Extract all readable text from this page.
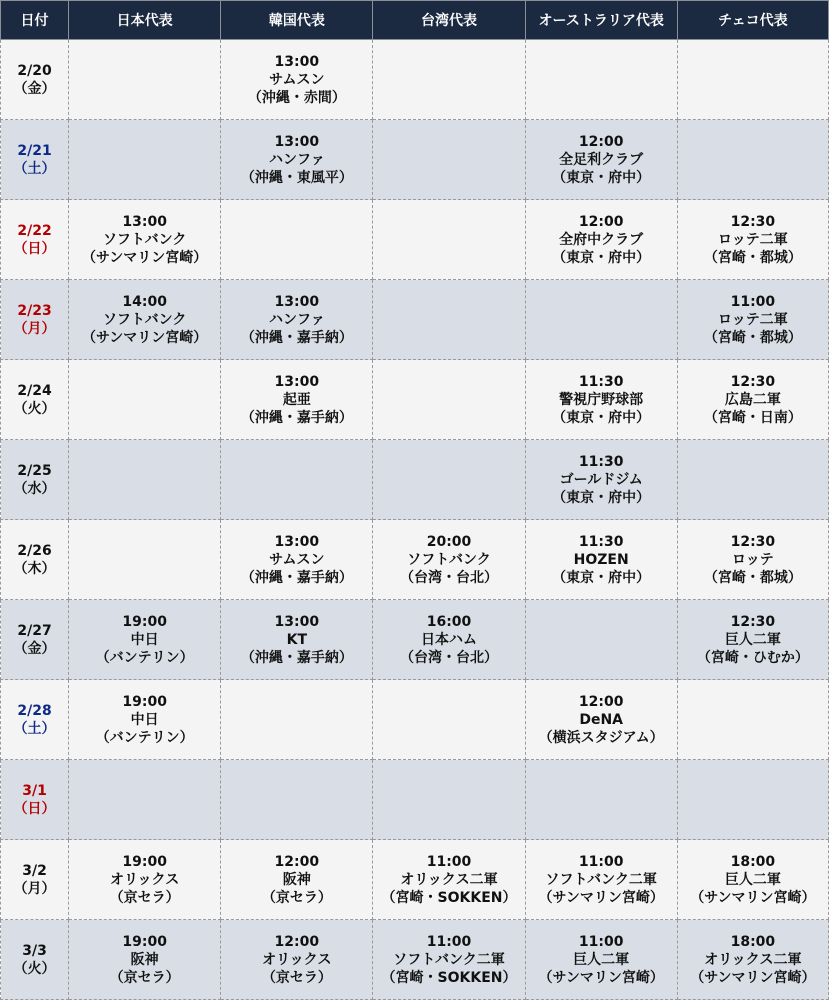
日付	日本代表	韓国代表	台湾代表	オーストラリア代表	チェコ代表

2/20
（金）		13:00
サムスン
（沖縄・赤間）			

2/21
（土）		13:00
ハンファ
（沖縄・東風平）		12:00
全足利クラブ
（東京・府中）	

2/22
（日）	13:00
ソフトバンク
（サンマリン宮崎）			12:00
全府中クラブ
（東京・府中）	12:30
ロッテ二軍
（宮崎・都城）

2/23
（月）	14:00
ソフトバンク
（サンマリン宮崎）	13:00
ハンファ
（沖縄・嘉手納）			11:00
ロッテ二軍
（宮崎・都城）

2/24
（火）		13:00
起亜
（沖縄・嘉手納）		11:30
警視庁野球部
（東京・府中）	12:30
広島二軍
（宮崎・日南）

2/25
（水）				11:30
ゴールドジム
（東京・府中）	

2/26
（木）		13:00
サムスン
（沖縄・嘉手納）	20:00
ソフトバンク
（台湾・台北）	11:30
HOZEN
（東京・府中）	12:30
ロッテ
（宮崎・都城）

2/27
（金）	19:00
中日
（バンテリン）	13:00
KT
（沖縄・嘉手納）	16:00
日本ハム
（台湾・台北）		12:30
巨人二軍
（宮崎・ひむか）

2/28
（土）	19:00
中日
（バンテリン）			12:00
DeNA
（横浜スタジアム）	

3/1
（日）					

3/2
（月）	19:00
オリックス
（京セラ）	12:00
阪神
（京セラ）	11:00
オリックス二軍
（宮崎・SOKKEN）	11:00
ソフトバンク二軍
（サンマリン宮崎）	18:00
巨人二軍
（サンマリン宮崎）

3/3
（火）	19:00
阪神
（京セラ）	12:00
オリックス
（京セラ）	11:00
ソフトバンク二軍
（宮崎・SOKKEN）	11:00
巨人二軍
（サンマリン宮崎）	18:00
オリックス二軍
（サンマリン宮崎）
